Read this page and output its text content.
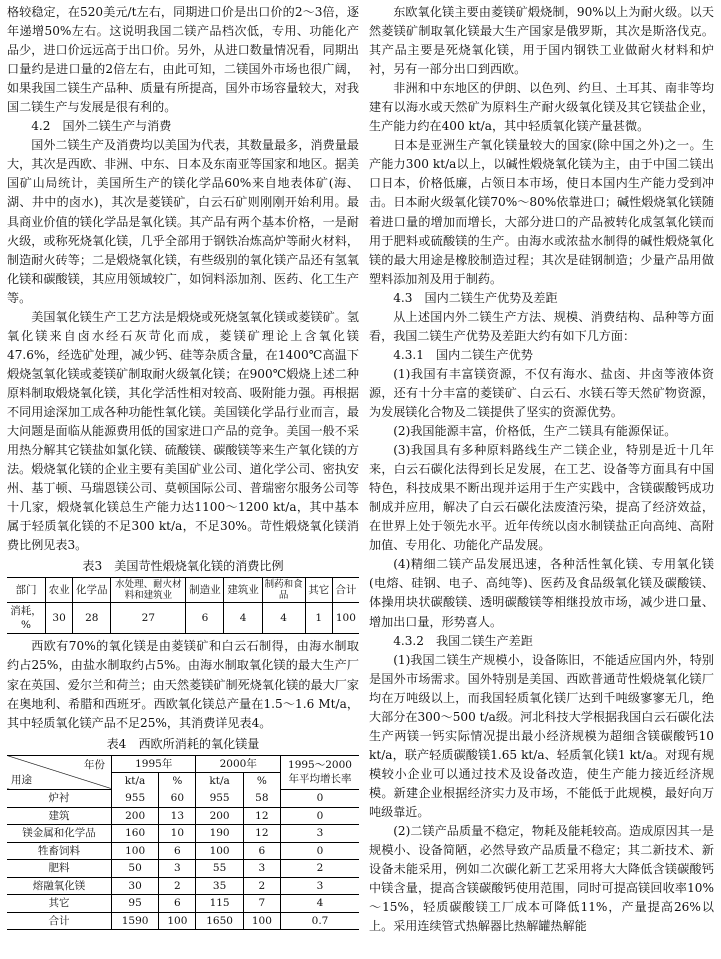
格较稳定，在520美元/t左右，同期进口价是出口价的2～3倍，逐年递增50%左右。这说明我国二镁产品档次低，专用、功能化产品少，进口价远远高于出口价。另外，从进口数量情况看，同期出口量约是进口量的2倍左右，由此可知，二镁国外市场也很广阔，如果我国二镁生产品种、质量有所提高，国外市场容量较大，对我国二镁生产与发展是很有利的。

4.2　国外二镁生产与消费

国外二镁生产及消费均以美国为代表，其数量最多，消费量最大，其次是西欧、非洲、中东、日本及东南亚等国家和地区。据美国矿山局统计，美国所生产的镁化学品60%来自地表体矿(海、湖、井中的卤水)，其次是菱镁矿，白云石矿则刚刚开始利用。最具商业价值的镁化学品是氧化镁。其产品有两个基本价格，一是耐火级，或称死烧氧化镁，几乎全部用于钢铁冶炼高炉等耐火材料，制造耐火砖等；二是煅烧氧化镁，有些级别的氧化镁产品还有氢氧化镁和碳酸镁，其应用领域较广，如饲料添加剂、医药、化工生产等。

美国氧化镁生产工艺方法是煅烧或死烧氢氧化镁或菱镁矿。氢氧化镁来自卤水经石灰苛化而成，菱镁矿理论上含氧化镁47.6%，经选矿处理，减少钙、硅等杂质含量，在1400℃高温下煅烧氢氧化镁或菱镁矿制取耐火级氧化镁；在900℃煅烧上述二种原料制取煅烧氧化镁，其化学活性相对较高、吸附能力强。再根据不同用途深加工成各种功能性氧化镁。美国镁化学品行业而言，最大问题是面临从能源费用低的国家进口产品的竞争。美国一般不采用热分解其它镁盐如氯化镁、硫酸镁、碳酸镁等来生产氧化镁的方法。煅烧氧化镁的企业主要有美国矿业公司、道化学公司、密执安州、基丁顿、马瑞恩镁公司、莫顿国际公司、普瑞密尔服务公司等十几家，煅烧氧化镁总生产能力达1100～1200 kt/a，其中基本属于轻质氧化镁的不足300 kt/a，不足30%。苛性煅烧氧化镁消费比例见表3。

表3　美国苛性煅烧氧化镁的消费比例
部门	农业	化学品	水处理、耐火材料和建筑业	制造业	建筑业	制药和食品	其它	合计
消耗，%	30	28	27	6	4	4	1	100

西欧有70%的氧化镁是由菱镁矿和白云石制得，由海水制取约占25%，由盐水制取约占5%。由海水制取氧化镁的最大生产厂家在英国、爱尔兰和荷兰；由天然菱镁矿制死烧氧化镁的最大厂家在奥地利、希腊和西班牙。西欧氧化镁总产量在1.5～1.6 Mt/a，其中轻质氧化镁产品不足25%，其消费详见表4。

表4　西欧所消耗的氧化镁量
年份
用途	1995年		2000年		1995～2000年平均增长率
	kt/a	%	kt/a	%	
炉衬	955	60	955	58	0
建筑	200	13	200	12	0
镁金属和化学品	160	10	190	12	3
牲畜饲料	100	6	100	6	0
肥料	50	3	55	3	2
熔融氧化镁	30	2	35	2	3
其它	95	6	115	7	4
合计	1590	100	1650	100	0.7

东欧氧化镁主要由菱镁矿煅烧制，90%以上为耐火级。以天然菱镁矿制取氧化镁最大生产国家是俄罗斯，其次是斯洛伐克。其产品主要是死烧氧化镁，用于国内钢铁工业做耐火材料和炉衬，另有一部分出口到西欧。

非洲和中东地区的伊朗、以色列、约旦、土耳其、南非等均建有以海水或天然矿为原料生产耐火级氧化镁及其它镁盐企业，生产能力约在400 kt/a，其中轻质氧化镁产量甚微。

日本是亚洲生产氧化镁量较大的国家(除中国之外)之一。生产能力300 kt/a以上，以碱性煅烧氧化镁为主，由于中国二镁出口日本，价格低廉，占领日本市场，使日本国内生产能力受到冲击。日本耐火级氧化镁70%～80%依靠进口；碱性煅烧氧化镁随着进口量的增加而增长，大部分进口的产品被转化成氢氧化镁而用于肥料或硫酸镁的生产。由海水或浓盐水制得的碱性煅烧氧化镁的最大用途是橡胶制造过程；其次是硅钢制造；少量产品用做塑料添加剂及用于制药。

4.3　国内二镁生产优势及差距

从上述国内外二镁生产方法、规模、消费结构、品种等方面看，我国二镁生产优势及差距大约有如下几方面：

4.3.1　国内二镁生产优势

(1)我国有丰富镁资源，不仅有海水、盐卤、井卤等液体资源，还有十分丰富的菱镁矿、白云石、水镁石等天然矿物资源，为发展镁化合物及二镁提供了坚实的资源优势。

(2)我国能源丰富，价格低，生产二镁具有能源保证。

(3)我国具有多种原料路线生产二镁企业，特别是近十几年来，白云石碳化法得到长足发展，在工艺、设备等方面具有中国特色，科技成果不断出现并运用于生产实践中，含镁碳酸钙成功制成并应用，解决了白云石碳化法废渣污染，提高了经济效益，在世界上处于领先水平。近年传统以卤水制镁盐正向高纯、高附加值、专用化、功能化产品发展。

(4)精细二镁产品发展迅速，各种活性氧化镁、专用氧化镁(电熔、硅钢、电子、高纯等)、医药及食品级氧化镁及碳酸镁、体操用块状碳酸镁、透明碳酸镁等相继投放市场，减少进口量、增加出口量，形势喜人。

4.3.2　我国二镁生产差距

(1)我国二镁生产规模小，设备陈旧，不能适应国内外，特别是国外市场需求。国外特别是美国、西欧普通苛性煅烧氧化镁厂均在万吨级以上，而我国轻质氧化镁厂达到千吨级寥寥无几，绝大部分在300～500 t/a级。河北科技大学根据我国白云石碳化法生产两镁一钙实际情况提出最小经济规模为超细含镁碳酸钙10 kt/a，联产轻质碳酸镁1.65 kt/a、轻质氧化镁1 kt/a。对现有规模较小企业可以通过技术及设备改造，使生产能力接近经济规模。新建企业根据经济实力及市场，不能低于此规模，最好向万吨级靠近。

(2)二镁产品质量不稳定，物耗及能耗较高。造成原因其一是规模小、设备简陋，必然导致产品质量不稳定；其二新技术、新设备未能采用，例如二次碳化新工艺采用将大大降低含镁碳酸钙中镁含量，提高含镁碳酸钙使用范围，同时可提高镁回收率10%～15%，轻质碳酸镁工厂成本可降低11%，产量提高26%以上。采用连续管式热解器比热解罐热解能
